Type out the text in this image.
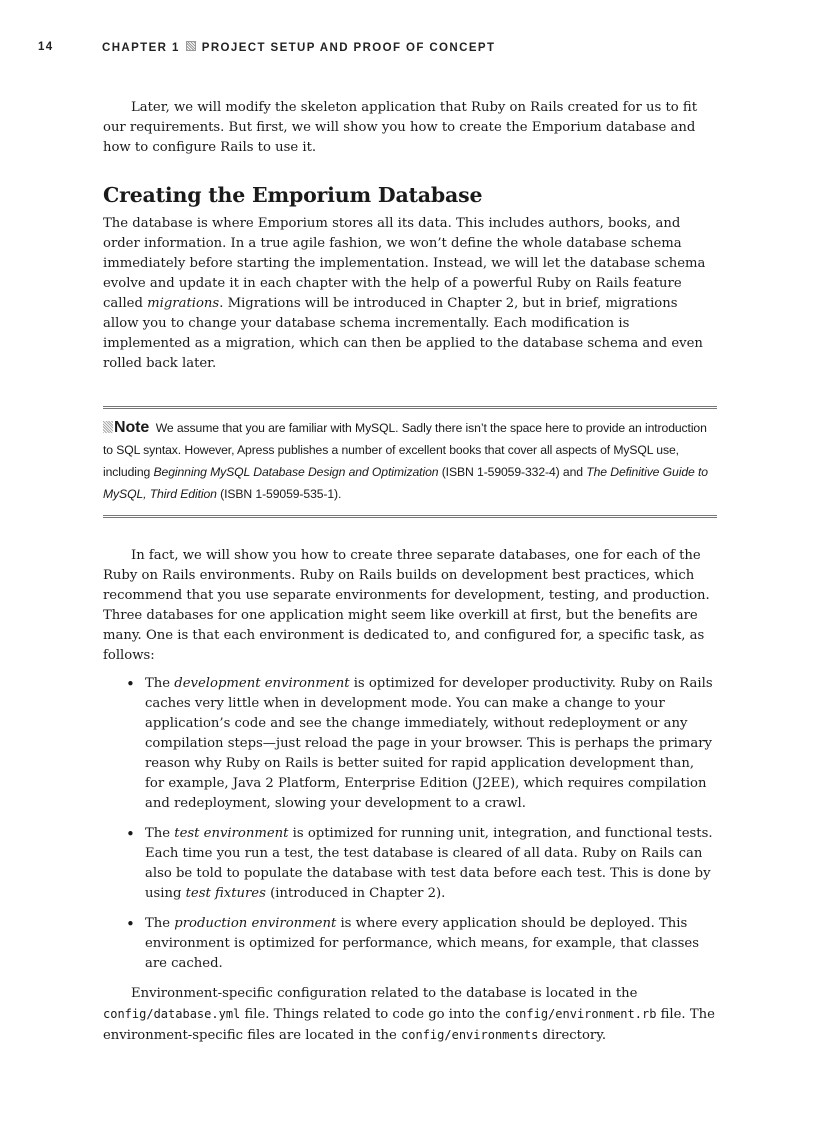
14	CHAPTER 1 PROJECT SETUP AND PROOF OF CONCEPT

Later, we will modify the skeleton application that Ruby on Rails created for us to fit our requirements. But first, we will show you how to create the Emporium database and how to configure Rails to use it.

Creating the Emporium Database

The database is where Emporium stores all its data. This includes authors, books, and order information. In a true agile fashion, we won’t define the whole database schema immediately before starting the implementation. Instead, we will let the database schema evolve and update it in each chapter with the help of a powerful Ruby on Rails feature called migrations. Migrations will be introduced in Chapter 2, but in brief, migrations allow you to change your database schema incrementally. Each modification is implemented as a migration, which can then be applied to the database schema and even rolled back later.

Note We assume that you are familiar with MySQL. Sadly there isn’t the space here to provide an introduction to SQL syntax. However, Apress publishes a number of excellent books that cover all aspects of MySQL use, including Beginning MySQL Database Design and Optimization (ISBN 1-59059-332-4) and The Definitive Guide to MySQL, Third Edition (ISBN 1-59059-535-1).

In fact, we will show you how to create three separate databases, one for each of the Ruby on Rails environments. Ruby on Rails builds on development best practices, which recommend that you use separate environments for development, testing, and production. Three databases for one application might seem like overkill at first, but the benefits are many. One is that each environment is dedicated to, and configured for, a specific task, as follows:

• The development environment is optimized for developer productivity. Ruby on Rails caches very little when in development mode. You can make a change to your application’s code and see the change immediately, without redeployment or any compilation steps—just reload the page in your browser. This is perhaps the primary reason why Ruby on Rails is better suited for rapid application development than, for example, Java 2 Platform, Enterprise Edition (J2EE), which requires compilation and redeployment, slowing your development to a crawl.
• The test environment is optimized for running unit, integration, and functional tests. Each time you run a test, the test database is cleared of all data. Ruby on Rails can also be told to populate the database with test data before each test. This is done by using test fixtures (introduced in Chapter 2).
• The production environment is where every application should be deployed. This environment is optimized for performance, which means, for example, that classes are cached.

Environment-specific configuration related to the database is located in the config/database.yml file. Things related to code go into the config/environment.rb file. The environment-specific files are located in the config/environments directory.
